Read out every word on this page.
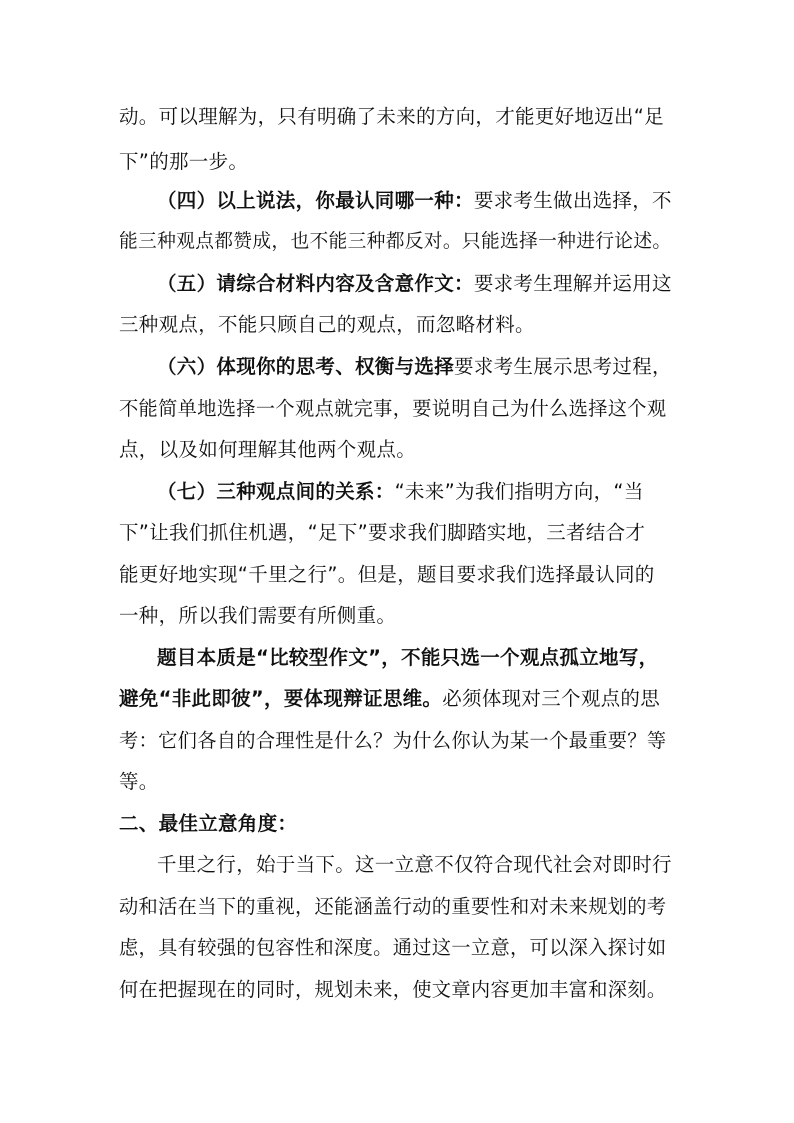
动。可以理解为，只有明确了未来的方向，才能更好地迈出“足

下”的那一步。

（四）以上说法，你最认同哪一种：要求考生做出选择，不

能三种观点都赞成，也不能三种都反对。只能选择一种进行论述。

（五）请综合材料内容及含意作文：要求考生理解并运用这

三种观点，不能只顾自己的观点，而忽略材料。

（六）体现你的思考、权衡与选择要求考生展示思考过程，

不能简单地选择一个观点就完事，要说明自己为什么选择这个观

点，以及如何理解其他两个观点。

（七）三种观点间的关系：“未来”为我们指明方向，“当

下”让我们抓住机遇，“足下”要求我们脚踏实地，三者结合才

能更好地实现“千里之行”。但是，题目要求我们选择最认同的

一种，所以我们需要有所侧重。

题目本质是“比较型作文”，不能只选一个观点孤立地写，

避免“非此即彼”，要体现辩证思维。必须体现对三个观点的思

考：它们各自的合理性是什么？为什么你认为某一个最重要？等

等。

二、最佳立意角度：

千里之行，始于当下。这一立意不仅符合现代社会对即时行

动和活在当下的重视，还能涵盖行动的重要性和对未来规划的考

虑，具有较强的包容性和深度。通过这一立意，可以深入探讨如

何在把握现在的同时，规划未来，使文章内容更加丰富和深刻。
